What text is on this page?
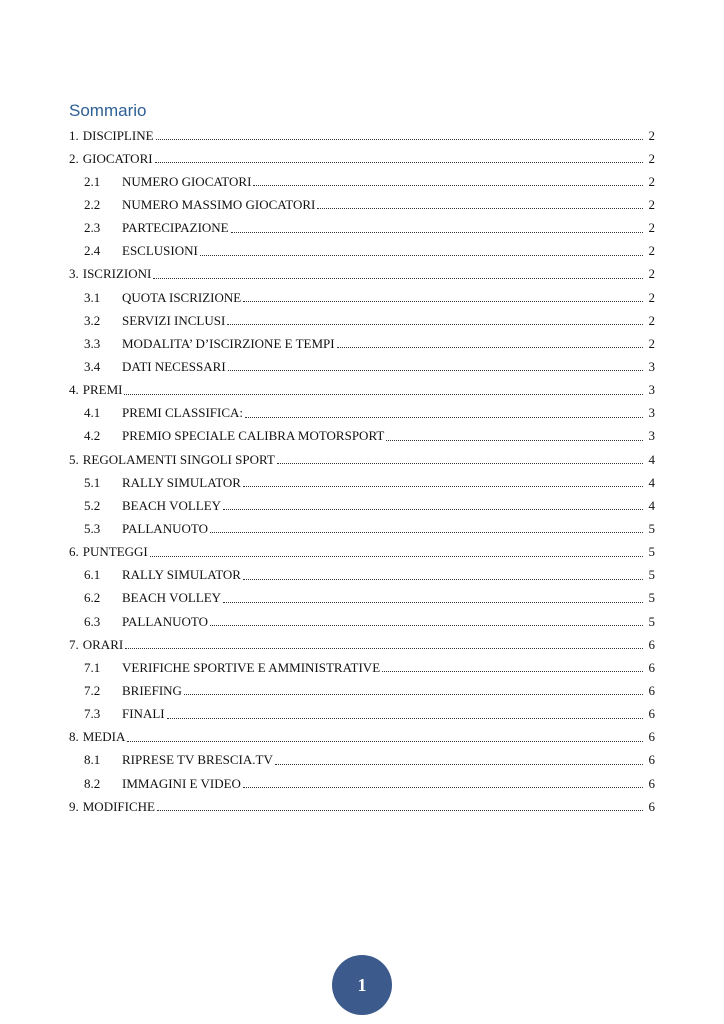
Sommario
1. DISCIPLINE	2
2. GIOCATORI	2
2.1	NUMERO GIOCATORI	2
2.2	NUMERO MASSIMO GIOCATORI	2
2.3	PARTECIPAZIONE	2
2.4	ESCLUSIONI	2
3. ISCRIZIONI	2
3.1	QUOTA ISCRIZIONE	2
3.2	SERVIZI INCLUSI	2
3.3	MODALITA’ D’ISCIRZIONE E TEMPI	2
3.4	DATI NECESSARI	3
4. PREMI	3
4.1	PREMI CLASSIFICA:	3
4.2	PREMIO SPECIALE CALIBRA MOTORSPORT	3
5. REGOLAMENTI SINGOLI SPORT	4
5.1	RALLY SIMULATOR	4
5.2	BEACH VOLLEY	4
5.3	PALLANUOTO	5
6. PUNTEGGI	5
6.1	RALLY SIMULATOR	5
6.2	BEACH VOLLEY	5
6.3	PALLANUOTO	5
7. ORARI	6
7.1	VERIFICHE SPORTIVE E AMMINISTRATIVE	6
7.2	BRIEFING	6
7.3	FINALI	6
8. MEDIA	6
8.1	RIPRESE TV BRESCIA.TV	6
8.2	IMMAGINI E VIDEO	6
9. MODIFICHE	6
1
